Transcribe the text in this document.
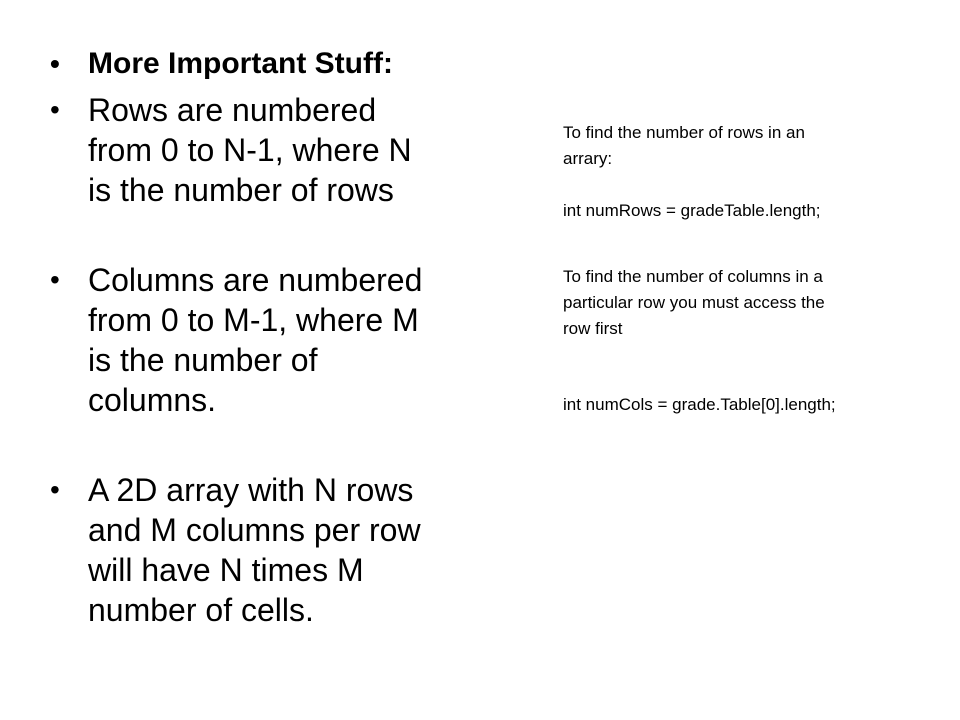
• More Important Stuff:
• Rows are numbered
from 0 to N-1, where N
is the number of rows
• Columns are numbered
from 0 to M-1, where M
is the number of
columns.
• A 2D array with N rows
and M columns per row
will have N times M
number of cells.

To find the number of rows in an

arrary:

int numRows = gradeTable.length;

To find the number of columns in a

particular row you must access the

row first

int numCols = grade.Table[0].length;
